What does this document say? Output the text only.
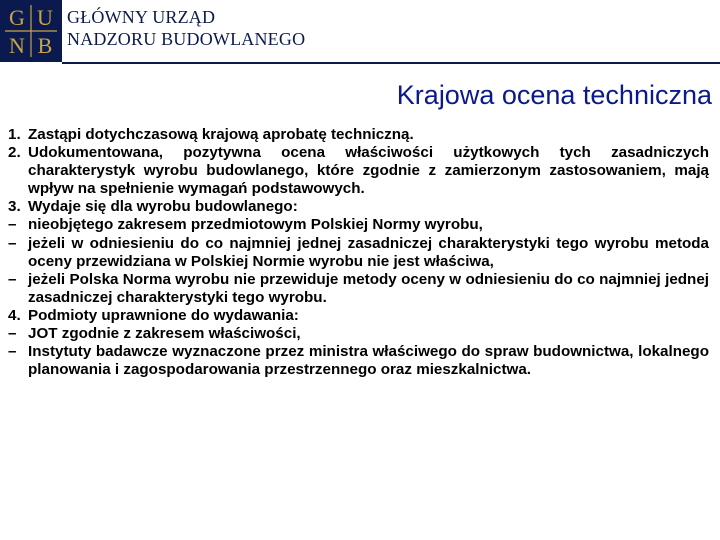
G U
N B
GŁÓWNY URZĄD
NADZORU BUDOWLANEGO
Krajowa ocena techniczna
1. Zastąpi dotychczasową krajową aprobatę techniczną.
2. Udokumentowana, pozytywna ocena właściwości użytkowych tych zasadniczych charakterystyk wyrobu budowlanego, które zgodnie z zamierzonym zastosowaniem, mają wpływ na spełnienie wymagań podstawowych.
3. Wydaje się dla wyrobu budowlanego:
– nieobjętego zakresem przedmiotowym Polskiej Normy wyrobu,
– jeżeli w odniesieniu do co najmniej jednej zasadniczej charakterystyki tego wyrobu metoda oceny przewidziana w Polskiej Normie wyrobu nie jest właściwa,
– jeżeli Polska Norma wyrobu nie przewiduje metody oceny w odniesieniu do co najmniej jednej zasadniczej charakterystyki tego wyrobu.
4. Podmioty uprawnione do wydawania:
– JOT zgodnie z zakresem właściwości,
– Instytuty badawcze wyznaczone przez ministra właściwego do spraw budownictwa, lokalnego planowania i zagospodarowania przestrzennego oraz mieszkalnictwa.
